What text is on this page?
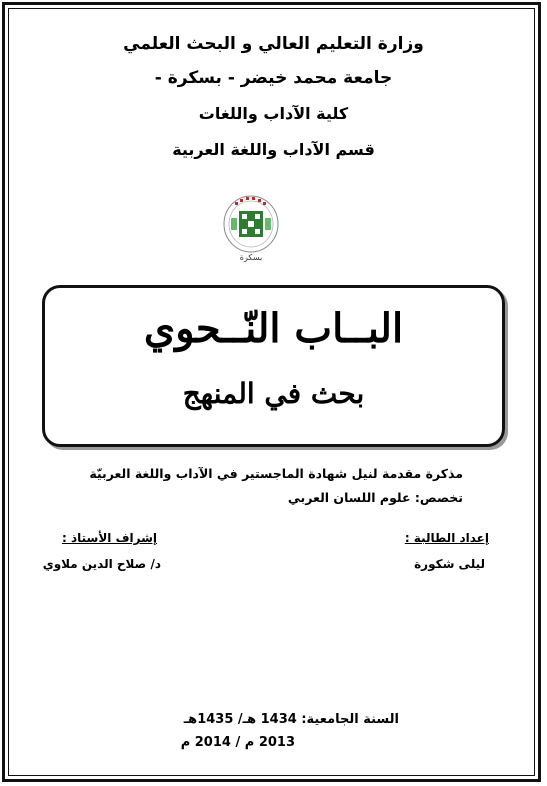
وزارة التعليم العالي و البحث العلمي
جامعة محمد خيضر - بسكرة -
كلية الآداب واللغات
قسم الآداب واللغة العربية
بسكرة
البــاب النّــحوي
بحث في المنهج
مذكرة مقدمة لنيل شهادة الماجستير في الآداب واللغة العربيّة
تخصص: علوم اللسان العربي
إعداد الطالبة :
ليلى شكورة
إشراف الأستاذ :
د/ صلاح الدين ملاوي
السنة الجامعية: 1434 هـ/ 1435هـ
2013 م / 2014 م
